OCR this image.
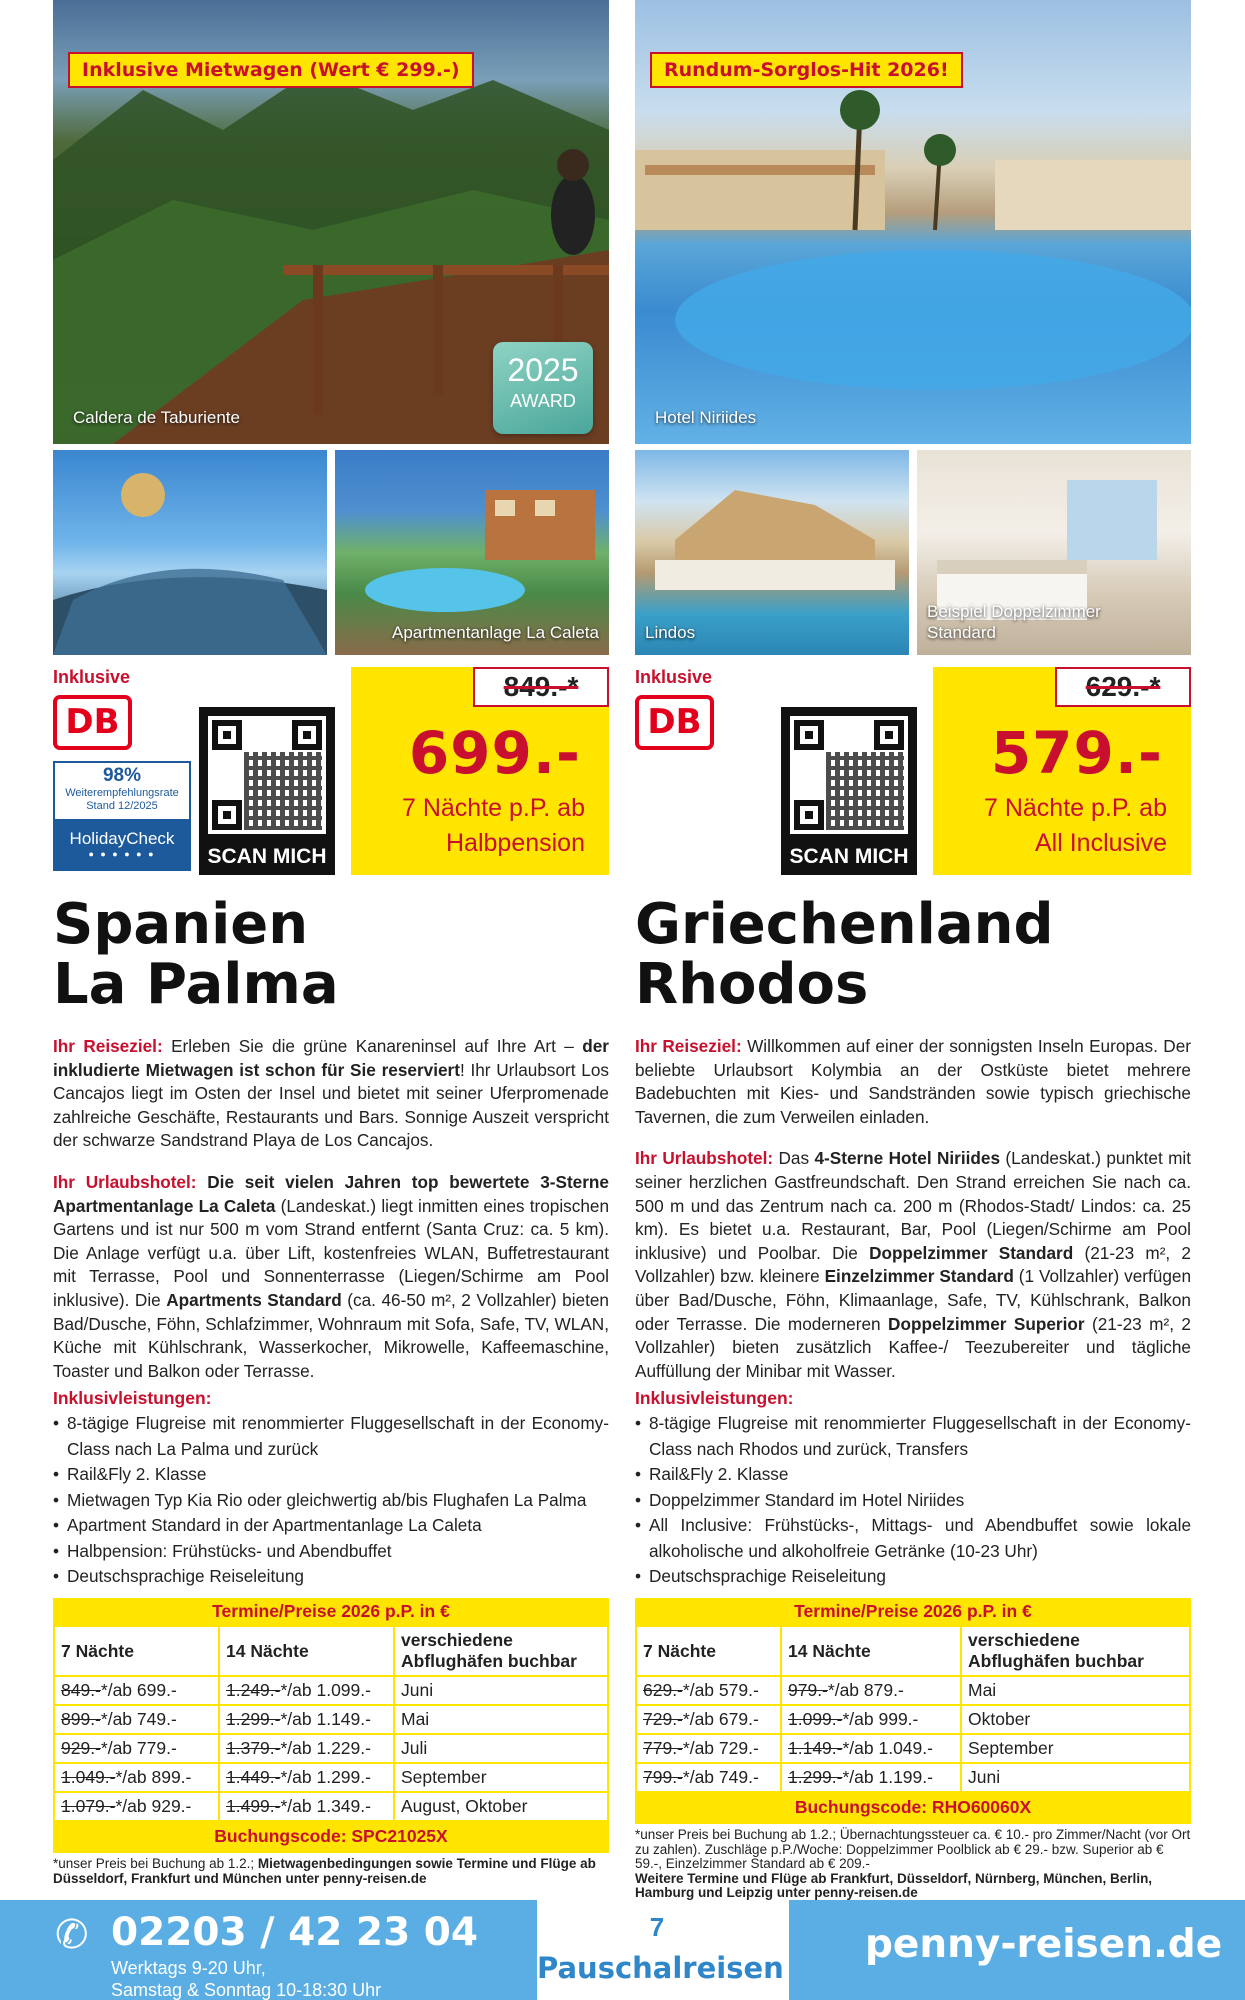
Inklusive Mietwagen (Wert € 299.-)
Caldera de Taburiente
2025
AWARD
Apartmentanlage La Caleta
Inklusive
DB
98%
Weiterempfehlungsrate
Stand 12/2025
HolidayCheck
● ● ● ● ● ●	SCAN MICH
699.-
7 Nächte p.P. ab
Halbpension
849.-*
Spanien
La Palma

Ihr Reiseziel: Erleben Sie die grüne Kanareninsel auf Ihre Art – der inkludierte Mietwagen ist schon für Sie reserviert! Ihr Urlaubsort Los Cancajos liegt im Osten der Insel und bietet mit seiner Uferpromenade zahlreiche Geschäfte, Restaurants und Bars. Sonnige Auszeit verspricht der schwarze Sandstrand Playa de Los Cancajos.

Ihr Urlaubshotel: Die seit vielen Jahren top bewertete 3-Sterne Apartmentanlage La Caleta (Landeskat.) liegt inmitten eines tropischen Gartens und ist nur 500 m vom Strand entfernt (Santa Cruz: ca. 5 km). Die Anlage verfügt u.a. über Lift, kostenfreies WLAN, Buffetrestaurant mit Terrasse, Pool und Sonnenterrasse (Liegen/Schirme am Pool inklusive). Die Apartments Standard (ca. 46-50 m², 2 Vollzahler) bieten Bad/Dusche, Föhn, Schlafzimmer, Wohnraum mit Sofa, Safe, TV, WLAN, Küche mit Kühlschrank, Wasserkocher, Mikrowelle, Kaffeemaschine, Toaster und Balkon oder Terrasse.

Inklusivleistungen:
• 8-tägige Flugreise mit renommierter Fluggesellschaft in der Economy-Class nach La Palma und zurück
• Rail&Fly 2. Klasse
• Mietwagen Typ Kia Rio oder gleichwertig ab/bis Flughafen La Palma
• Apartment Standard in der Apartmentanlage La Caleta
• Halbpension: Frühstücks- und Abendbuffet
• Deutschsprachige Reiseleitung
Termine/Preise 2026 p.P. in €
7 Nächte	14 Nächte	verschiedene Abflughäfen buchbar
849.-*/ab 699.-	1.249.-*/ab 1.099.-	Juni
899.-*/ab 749.-	1.299.-*/ab 1.149.-	Mai
929.-*/ab 779.-	1.379.-*/ab 1.229.-	Juli
1.049.-*/ab 899.-	1.449.-*/ab 1.299.-	September
1.079.-*/ab 929.-	1.499.-*/ab 1.349.-	August, Oktober
Buchungscode: SPC21025X		
*unser Preis bei Buchung ab 1.2.; Mietwagenbedingungen sowie Termine und Flüge ab Düsseldorf, Frankfurt und München unter penny-reisen.de
Rundum-Sorglos-Hit 2026!
Hotel Niriides
Lindos
Beispiel Doppelzimmer
Standard
Inklusive
DB
SCAN MICH
579.-
7 Nächte p.P. ab
All Inclusive
629.-*
Griechenland
Rhodos

Ihr Reiseziel: Willkommen auf einer der sonnigsten Inseln Europas. Der beliebte Urlaubsort Kolymbia an der Ostküste bietet mehrere Badebuchten mit Kies- und Sandstränden sowie typisch griechische Tavernen, die zum Verweilen einladen.

Ihr Urlaubshotel: Das 4-Sterne Hotel Niriides (Landeskat.) punktet mit seiner herzlichen Gastfreundschaft. Den Strand erreichen Sie nach ca. 500 m und das Zentrum nach ca. 200 m (Rhodos-Stadt/ Lindos: ca. 25 km). Es bietet u.a. Restaurant, Bar, Pool (Liegen/Schirme am Pool inklusive) und Poolbar. Die Doppelzimmer Standard (21-23 m², 2 Vollzahler) bzw. kleinere Einzelzimmer Standard (1 Vollzahler) verfügen über Bad/Dusche, Föhn, Klimaanlage, Safe, TV, Kühlschrank, Balkon oder Terrasse. Die moderneren Doppelzimmer Superior (21-23 m², 2 Vollzahler) bieten zusätzlich Kaffee-/ Teezubereiter und tägliche Auffüllung der Minibar mit Wasser.

Inklusivleistungen:
• 8-tägige Flugreise mit renommierter Fluggesellschaft in der Economy-Class nach Rhodos und zurück, Transfers
• Rail&Fly 2. Klasse
• Doppelzimmer Standard im Hotel Niriides
• All Inclusive: Frühstücks-, Mittags- und Abendbuffet sowie lokale alkoholische und alkoholfreie Getränke (10-23 Uhr)
• Deutschsprachige Reiseleitung
Termine/Preise 2026 p.P. in €
7 Nächte	14 Nächte	verschiedene Abflughäfen buchbar
629.-*/ab 579.-	979.-*/ab 879.-	Mai
729.-*/ab 679.-	1.099.-*/ab 999.-	Oktober
779.-*/ab 729.-	1.149.-*/ab 1.049.-	September
799.-*/ab 749.-	1.299.-*/ab 1.199.-	Juni
Buchungscode: RHO60060X		
*unser Preis bei Buchung ab 1.2.; Übernachtungssteuer ca. € 10.- pro Zimmer/Nacht (vor Ort zu zahlen). Zuschläge p.P./Woche: Doppelzimmer Poolblick ab € 29.- bzw. Superior ab € 59.-, Einzelzimmer Standard ab € 209.-
Weitere Termine und Flüge ab Frankfurt, Düsseldorf, Nürnberg, München, Berlin, Hamburg und Leipzig unter penny-reisen.de
✆ 02203 / 42 23 04
Werktags 9-20 Uhr,
Samstag & Sonntag 10-18:30 Uhr
7
Pauschalreisen
penny-reisen.de
